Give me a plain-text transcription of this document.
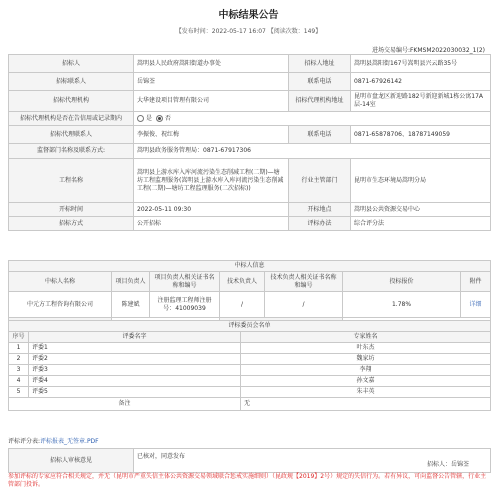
中标结果公告
【发布时间：2022-05-17 16:07 【阅读次数：149】
进场交易编号:FKMSM2022030032_1(2)
招标人	嵩明县人民政府嵩阳街道办事处	招标人地址	嵩明县嵩阳街167号嵩明县兴云路35号
招标联系人	岳锦荃	联系电话	0871-67926142
招标代理机构	大华建设项目管理有限公司	招标代理机构地址	昆明市盘龙区新迎路182号新迎新城1栋公寓17A层-14室
招标代理机构是否在告信用或记录期内	是 否		
招标代理联系人	李振俊、祝红梅	联系电话	0871-65878706、18787149059
监督部门名称及联系方式:	嵩明县政务服务管理局：0871-67917306		
工程名称	嵩明县上游水库入库河流污染生态削减工程(二期)—塘坊工程监理服务(嵩明县上游水库入库河流污染生态削减工程(二期)—塘坊工程监理服务(二次招标))	行业主管部门	昆明市生态环境局嵩明分局
开标时间	2022-05-11 09:30	开标地点	嵩明县公共资源交易中心
招标方式	公开招标	评标办法	综合评分法
中标人信息						
中标人名称	项目负责人	项目负责人相关证书名称和编号	技术负责人	技术负责人相关证书名称和编号	投标报价	附件
中元方工程咨询有限公司	陈建斌	注册监理工程师注册号：41009039	/	/	1.78%	详细

评标委员会名单		
序号	评委名字	专家姓名
1	评委1	叶东杰
2	评委2	魏家坊
3	评委3	李翔
4	评委4	孙文嘉
5	评委5	朱丰英
备注		无
评标评分表:评标报表_无签章.PDF
招标人审核意见	
已核对，同意发布
招标人：岳锦荃
参加评标的专家应符合相关规定，并无（昆明市严重失信主体公共资源交易领域联合惩戒实施细则）（昆政规【2019】2号）规定的失信行为。若有异议，可向监督公告管辖，行业主管部门投诉。
